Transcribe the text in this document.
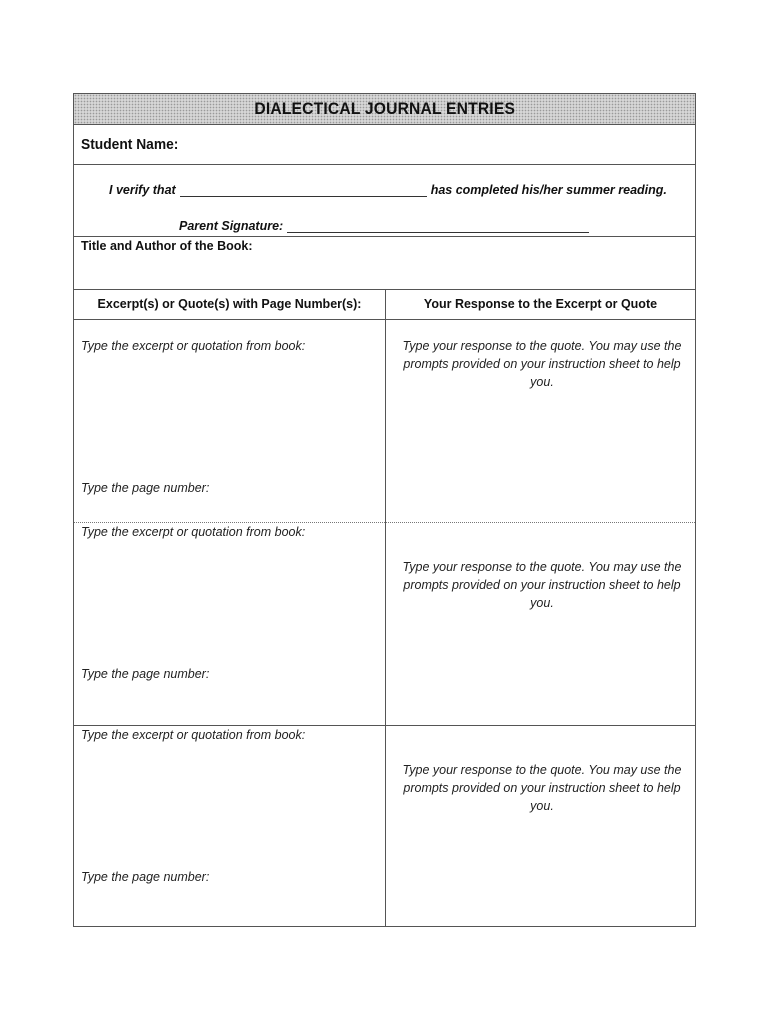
DIALECTICAL JOURNAL ENTRIES
Student Name:
I verify that	has completed his/her summer reading.
Parent Signature:
Title and Author of the Book:
Excerpt(s) or Quote(s) with Page Number(s):	Your Response to the Excerpt or Quote
Type the excerpt or quotation from book:
Type the page number:
Type your response to the quote. You may use the prompts provided on your instruction sheet to help you.
Type the excerpt or quotation from book:
Type the page number:
Type your response to the quote. You may use the prompts provided on your instruction sheet to help you.
Type the excerpt or quotation from book:
Type the page number:
Type your response to the quote. You may use the prompts provided on your instruction sheet to help you.
